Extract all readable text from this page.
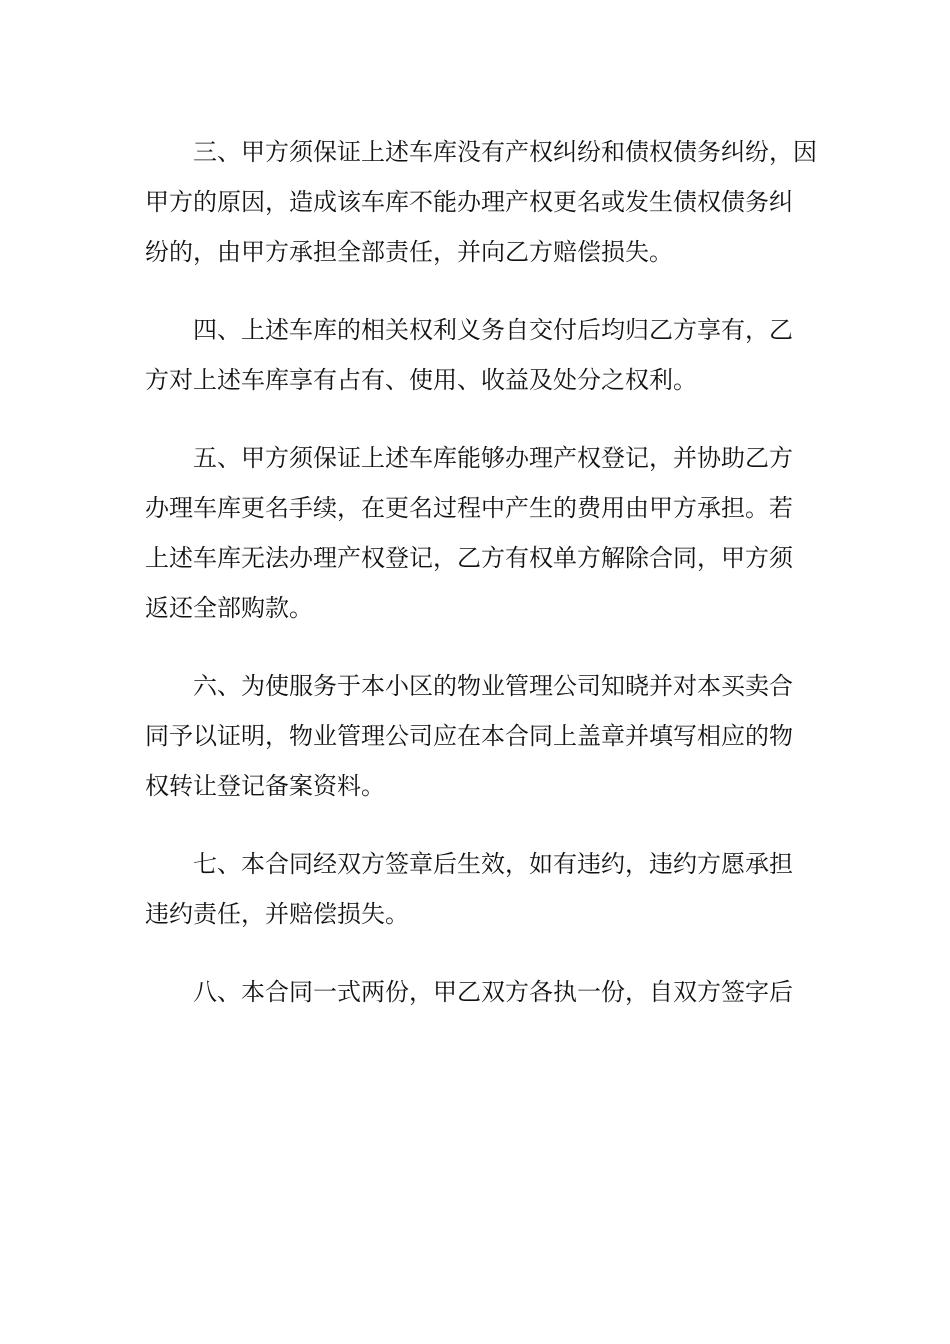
三、甲方须保证上述车库没有产权纠纷和债权债务纠纷，因
甲方的原因，造成该车库不能办理产权更名或发生债权债务纠
纷的，由甲方承担全部责任，并向乙方赔偿损失。
四、上述车库的相关权利义务自交付后均归乙方享有，乙
方对上述车库享有占有、使用、收益及处分之权利。
五、甲方须保证上述车库能够办理产权登记，并协助乙方
办理车库更名手续，在更名过程中产生的费用由甲方承担。若
上述车库无法办理产权登记，乙方有权单方解除合同，甲方须
返还全部购款。
六、为使服务于本小区的物业管理公司知晓并对本买卖合
同予以证明，物业管理公司应在本合同上盖章并填写相应的物
权转让登记备案资料。
七、本合同经双方签章后生效，如有违约，违约方愿承担
违约责任，并赔偿损失。
八、本合同一式两份，甲乙双方各执一份，自双方签字后
